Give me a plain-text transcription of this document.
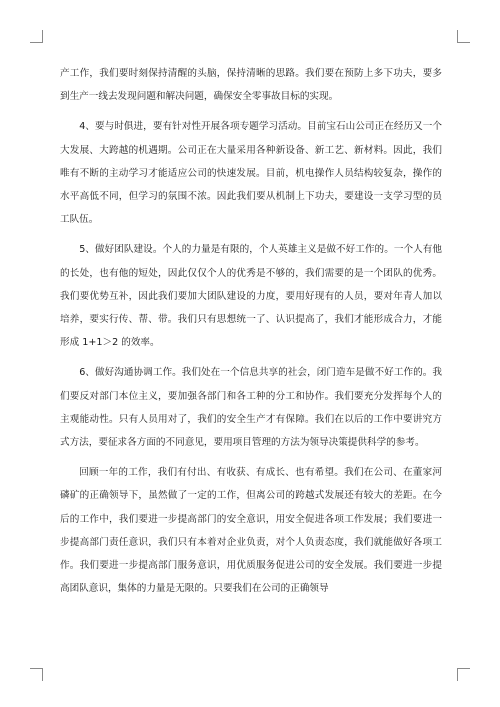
产工作，我们要时刻保持清醒的头脑，保持清晰的思路。我们要在预防上多下功夫，要多到生产一线去发现问题和解决问题，确保安全零事故目标的实现。

4、要与时俱进，要有针对性开展各项专题学习活动。目前宝石山公司正在经历又一个大发展、大跨越的机遇期。公司正在大量采用各种新设备、新工艺、新材料。因此，我们唯有不断的主动学习才能适应公司的快速发展。目前，机电操作人员结构较复杂，操作的水平高低不同，但学习的氛围不浓。因此我们要从机制上下功夫，要建设一支学习型的员工队伍。

5、做好团队建设。个人的力量是有限的，个人英雄主义是做不好工作的。一个人有他的长处，也有他的短处，因此仅仅个人的优秀是不够的，我们需要的是一个团队的优秀。我们要优势互补，因此我们要加大团队建设的力度，要用好现有的人员，要对年青人加以培养，要实行传、帮、带。我们只有思想统一了、认识提高了，我们才能形成合力，才能形成 1+1＞2 的效率。

6、做好沟通协调工作。我们处在一个信息共享的社会，闭门造车是做不好工作的。我们要反对部门本位主义，要加强各部门和各工种的分工和协作。我们要充分发挥每个人的主观能动性。只有人员用对了，我们的安全生产才有保障。我们在以后的工作中要讲究方式方法，要征求各方面的不同意见，要用项目管理的方法为领导决策提供科学的参考。

回顾一年的工作，我们有付出、有收获、有成长、也有希望。我们在公司、在董家河磷矿的正确领导下，虽然做了一定的工作，但离公司的跨越式发展还有较大的差距。在今后的工作中，我们要进一步提高部门的安全意识，用安全促进各项工作发展；我们要进一步提高部门责任意识，我们只有本着对企业负责，对个人负责态度，我们就能做好各项工作。我们要进一步提高部门服务意识，用优质服务促进公司的安全发展。我们要进一步提高团队意识，集体的力量是无限的。只要我们在公司的正确领导
